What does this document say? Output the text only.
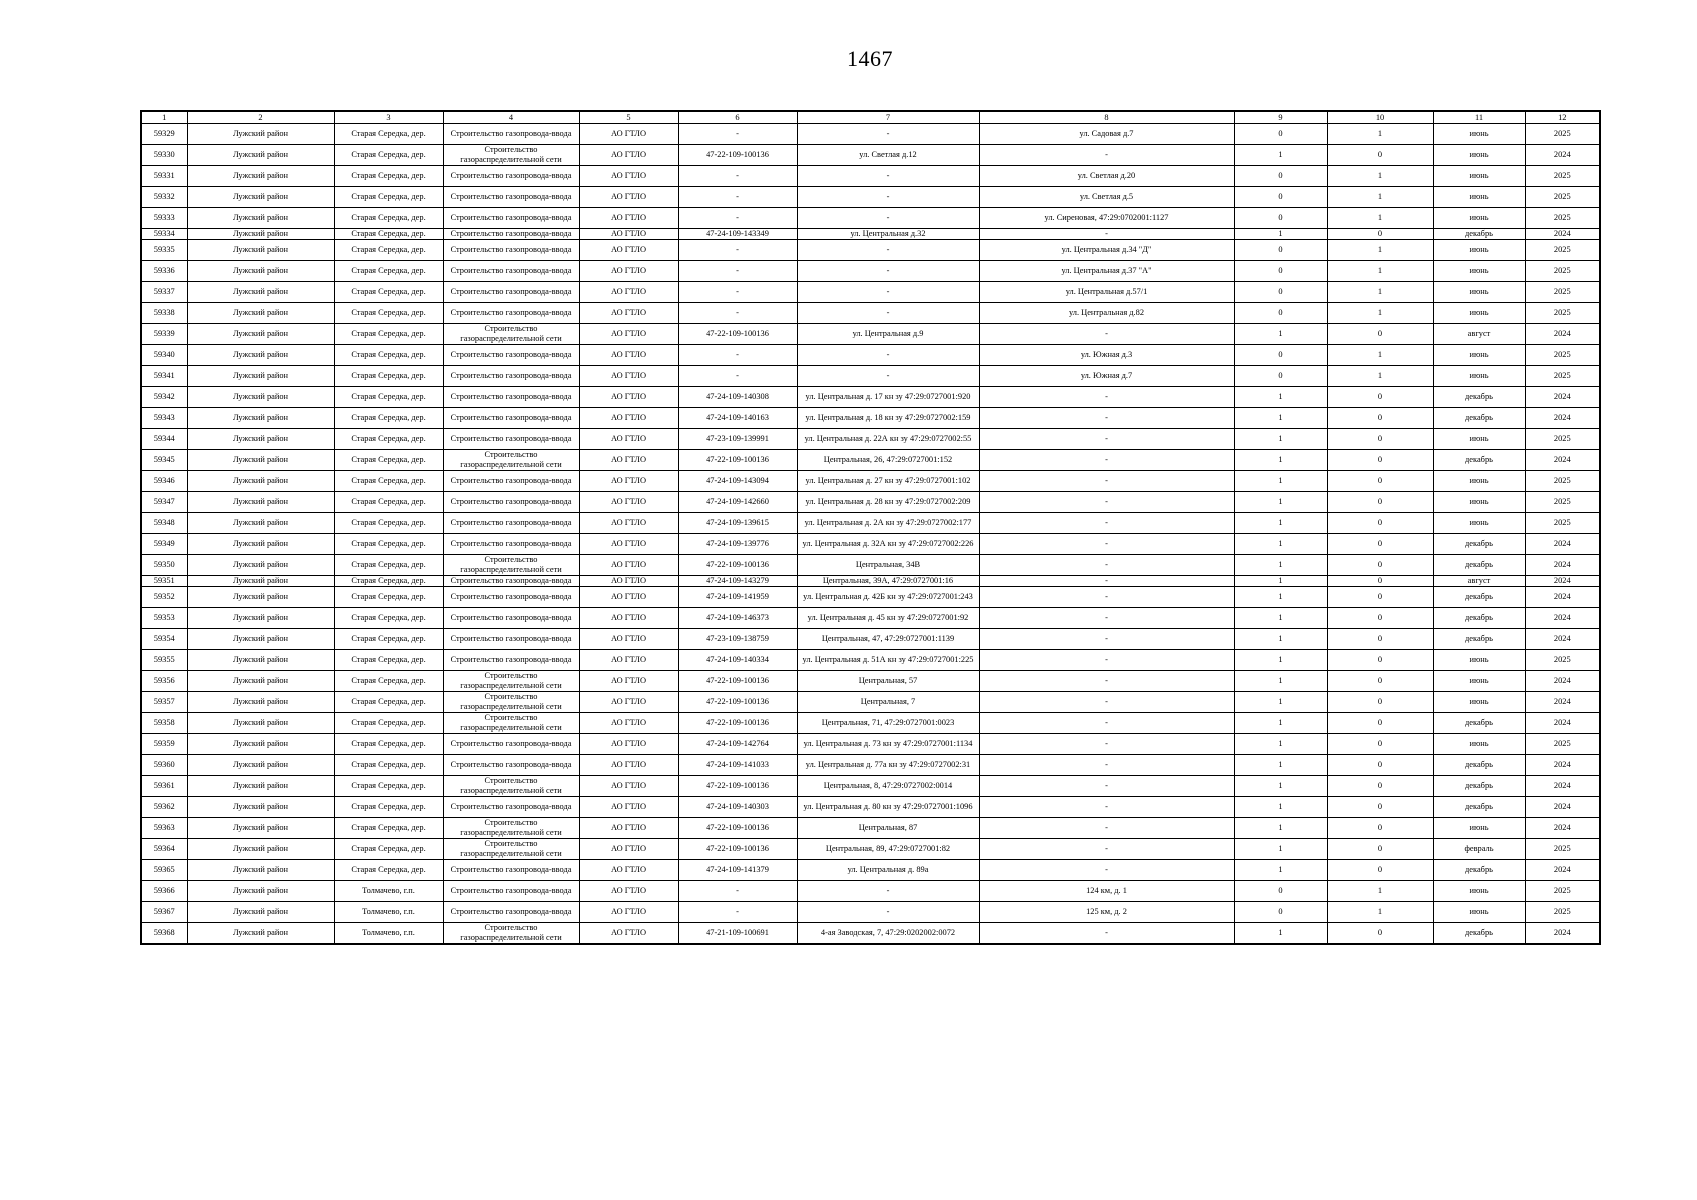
1467
1	2	3	4	5	6	7	8	9	10	11	12
59329	Лужский район	Старая Середка, дер.	Строительство газопровода-ввода	АО ГТЛО	-	-	ул. Садовая д.7	0	1	июнь	2025
59330	Лужский район	Старая Середка, дер.	Строительство газораспределительной сети	АО ГТЛО	47-22-109-100136	ул. Светлая д.12	-	1	0	июнь	2024
59331	Лужский район	Старая Середка, дер.	Строительство газопровода-ввода	АО ГТЛО	-	-	ул. Светлая д.20	0	1	июнь	2025
59332	Лужский район	Старая Середка, дер.	Строительство газопровода-ввода	АО ГТЛО	-	-	ул. Светлая д.5	0	1	июнь	2025
59333	Лужский район	Старая Середка, дер.	Строительство газопровода-ввода	АО ГТЛО	-	-	ул. Сиреновая, 47:29:0702001:1127	0	1	июнь	2025
59334	Лужский район	Старая Середка, дер.	Строительство газопровода-ввода	АО ГТЛО	47-24-109-143349	ул. Центральная д.32	-	1	0	декабрь	2024
59335	Лужский район	Старая Середка, дер.	Строительство газопровода-ввода	АО ГТЛО	-	-	ул. Центральная д.34 "Д"	0	1	июнь	2025
59336	Лужский район	Старая Середка, дер.	Строительство газопровода-ввода	АО ГТЛО	-	-	ул. Центральная д.37 "А"	0	1	июнь	2025
59337	Лужский район	Старая Середка, дер.	Строительство газопровода-ввода	АО ГТЛО	-	-	ул. Центральная д.57/1	0	1	июнь	2025
59338	Лужский район	Старая Середка, дер.	Строительство газопровода-ввода	АО ГТЛО	-	-	ул. Центральная д.82	0	1	июнь	2025
59339	Лужский район	Старая Середка, дер.	Строительство газораспределительной сети	АО ГТЛО	47-22-109-100136	ул. Центральная д.9	-	1	0	август	2024
59340	Лужский район	Старая Середка, дер.	Строительство газопровода-ввода	АО ГТЛО	-	-	ул. Южная д.3	0	1	июнь	2025
59341	Лужский район	Старая Середка, дер.	Строительство газопровода-ввода	АО ГТЛО	-	-	ул. Южная д.7	0	1	июнь	2025
59342	Лужский район	Старая Середка, дер.	Строительство газопровода-ввода	АО ГТЛО	47-24-109-140308	ул. Центральная д. 17 кн зу 47:29:0727001:920	-	1	0	декабрь	2024
59343	Лужский район	Старая Середка, дер.	Строительство газопровода-ввода	АО ГТЛО	47-24-109-140163	ул. Центральная д. 18 кн зу 47:29:0727002:159	-	1	0	декабрь	2024
59344	Лужский район	Старая Середка, дер.	Строительство газопровода-ввода	АО ГТЛО	47-23-109-139991	ул. Центральная д. 22А кн зу 47:29:0727002:55	-	1	0	июнь	2025
59345	Лужский район	Старая Середка, дер.	Строительство газораспределительной сети	АО ГТЛО	47-22-109-100136	Центральная, 26, 47:29:0727001:152	-	1	0	декабрь	2024
59346	Лужский район	Старая Середка, дер.	Строительство газопровода-ввода	АО ГТЛО	47-24-109-143094	ул. Центральная д. 27 кн зу 47:29:0727001:102	-	1	0	июнь	2025
59347	Лужский район	Старая Середка, дер.	Строительство газопровода-ввода	АО ГТЛО	47-24-109-142660	ул. Центральная д. 28 кн зу 47:29:0727002:209	-	1	0	июнь	2025
59348	Лужский район	Старая Середка, дер.	Строительство газопровода-ввода	АО ГТЛО	47-24-109-139615	ул. Центральная д. 2А кн зу 47:29:0727002:177	-	1	0	июнь	2025
59349	Лужский район	Старая Середка, дер.	Строительство газопровода-ввода	АО ГТЛО	47-24-109-139776	ул. Центральная д. 32А кн зу 47:29:0727002:226	-	1	0	декабрь	2024
59350	Лужский район	Старая Середка, дер.	Строительство газораспределительной сети	АО ГТЛО	47-22-109-100136	Центральная, 34В	-	1	0	декабрь	2024
59351	Лужский район	Старая Середка, дер.	Строительство газопровода-ввода	АО ГТЛО	47-24-109-143279	Центральная, 39А, 47:29:0727001:16	-	1	0	август	2024
59352	Лужский район	Старая Середка, дер.	Строительство газопровода-ввода	АО ГТЛО	47-24-109-141959	ул. Центральная д. 42Б кн зу 47:29:0727001:243	-	1	0	декабрь	2024
59353	Лужский район	Старая Середка, дер.	Строительство газопровода-ввода	АО ГТЛО	47-24-109-146373	ул. Центральная д. 45 кн зу 47:29:0727001:92	-	1	0	декабрь	2024
59354	Лужский район	Старая Середка, дер.	Строительство газопровода-ввода	АО ГТЛО	47-23-109-138759	Центральная, 47, 47:29:0727001:1139	-	1	0	декабрь	2024
59355	Лужский район	Старая Середка, дер.	Строительство газопровода-ввода	АО ГТЛО	47-24-109-140334	ул. Центральная д. 51А кн зу 47:29:0727001:225	-	1	0	июнь	2025
59356	Лужский район	Старая Середка, дер.	Строительство газораспределительной сети	АО ГТЛО	47-22-109-100136	Центральная, 57	-	1	0	июнь	2024
59357	Лужский район	Старая Середка, дер.	Строительство газораспределительной сети	АО ГТЛО	47-22-109-100136	Центральная, 7	-	1	0	июнь	2024
59358	Лужский район	Старая Середка, дер.	Строительство газораспределительной сети	АО ГТЛО	47-22-109-100136	Центральная, 71, 47:29:0727001:0023	-	1	0	декабрь	2024
59359	Лужский район	Старая Середка, дер.	Строительство газопровода-ввода	АО ГТЛО	47-24-109-142764	ул. Центральная д. 73 кн зу 47:29:0727001:1134	-	1	0	июнь	2025
59360	Лужский район	Старая Середка, дер.	Строительство газопровода-ввода	АО ГТЛО	47-24-109-141033	ул. Центральная д. 77а кн зу 47:29:0727002:31	-	1	0	декабрь	2024
59361	Лужский район	Старая Середка, дер.	Строительство газораспределительной сети	АО ГТЛО	47-22-109-100136	Центральная, 8, 47:29:0727002:0014	-	1	0	декабрь	2024
59362	Лужский район	Старая Середка, дер.	Строительство газопровода-ввода	АО ГТЛО	47-24-109-140303	ул. Центральная д. 80 кн зу 47:29:0727001:1096	-	1	0	декабрь	2024
59363	Лужский район	Старая Середка, дер.	Строительство газораспределительной сети	АО ГТЛО	47-22-109-100136	Центральная, 87	-	1	0	июнь	2024
59364	Лужский район	Старая Середка, дер.	Строительство газораспределительной сети	АО ГТЛО	47-22-109-100136	Центральная, 89, 47:29:0727001:82	-	1	0	февраль	2025
59365	Лужский район	Старая Середка, дер.	Строительство газопровода-ввода	АО ГТЛО	47-24-109-141379	ул. Центральная д. 89а	-	1	0	декабрь	2024
59366	Лужский район	Толмачево, г.п.	Строительство газопровода-ввода	АО ГТЛО	-	-	124 км, д. 1	0	1	июнь	2025
59367	Лужский район	Толмачево, г.п.	Строительство газопровода-ввода	АО ГТЛО	-	-	125 км, д. 2	0	1	июнь	2025
59368	Лужский район	Толмачево, г.п.	Строительство газораспределительной сети	АО ГТЛО	47-21-109-100691	4-ая Заводская, 7, 47:29:0202002:0072	-	1	0	декабрь	2024
